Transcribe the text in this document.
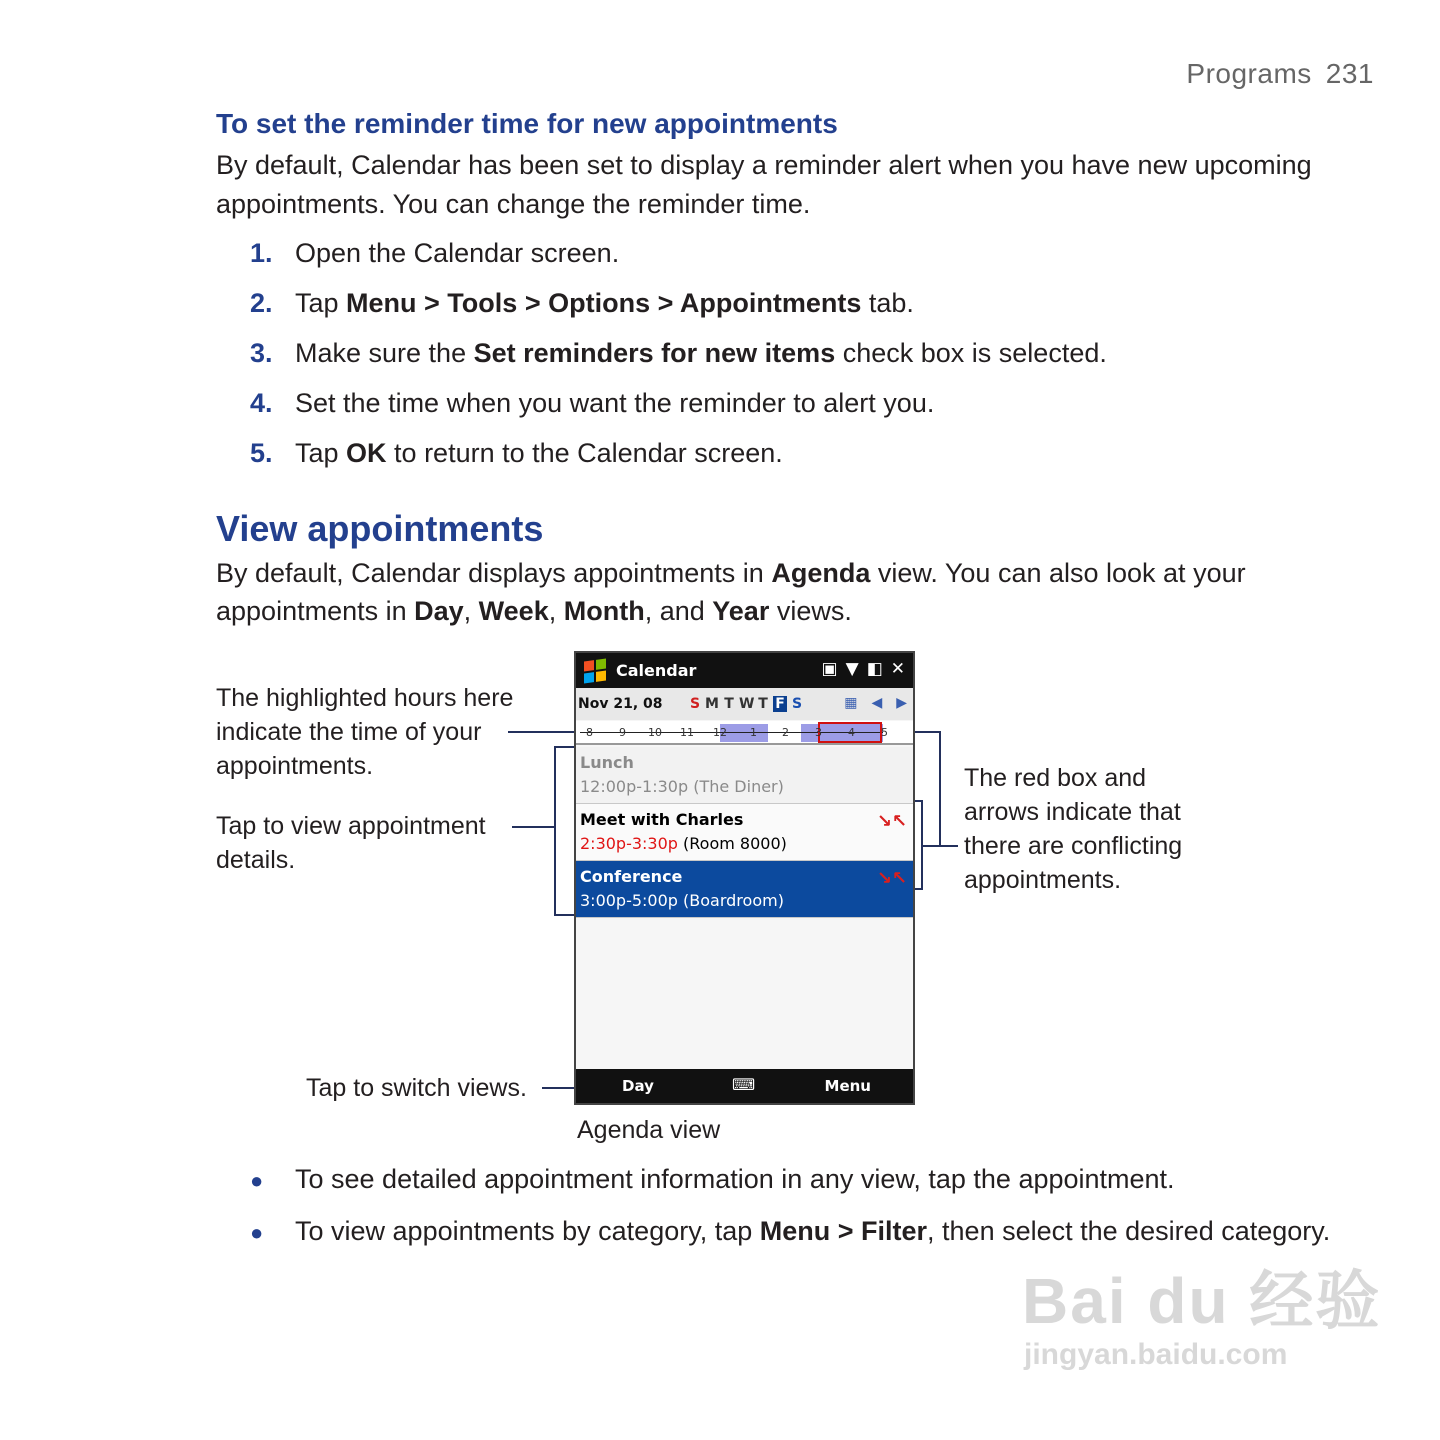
Programs 231
To set the reminder time for new appointments
By default, Calendar has been set to display a reminder alert when you have new upcoming appointments. You can change the reminder time.
1. Open the Calendar screen.
2. Tap Menu > Tools > Options > Appointments tab.
3. Make sure the Set reminders for new items check box is selected.
4. Set the time when you want the reminder to alert you.
5. Tap OK to return to the Calendar screen.
View appointments
By default, Calendar displays appointments in Agenda view. You can also look at your appointments in Day, Week, Month, and Year views.
The highlighted hours here indicate the time of your appointments.
Tap to view appointment details.
Tap to switch views.
The red box and arrows indicate that there are conflicting appointments.
Calendar	▣ ▼ ◧ ✕
Nov 21, 08	S M T W T F S	▦ ◀ ▶
8 9 10 11 12 1 2 3 4 5
Lunch
12:00p-1:30p (The Diner)
Meet with Charles
2:30p-3:30p (Room 8000)
↘↖
Conference
3:00p-5:00p (Boardroom)
↘↖
Day	⌨	Menu
Agenda view
●	To see detailed appointment information in any view, tap the appointment.
●	To view appointments by category, tap Menu > Filter, then select the desired category.
Bai du 经验
jingyan.baidu.com
